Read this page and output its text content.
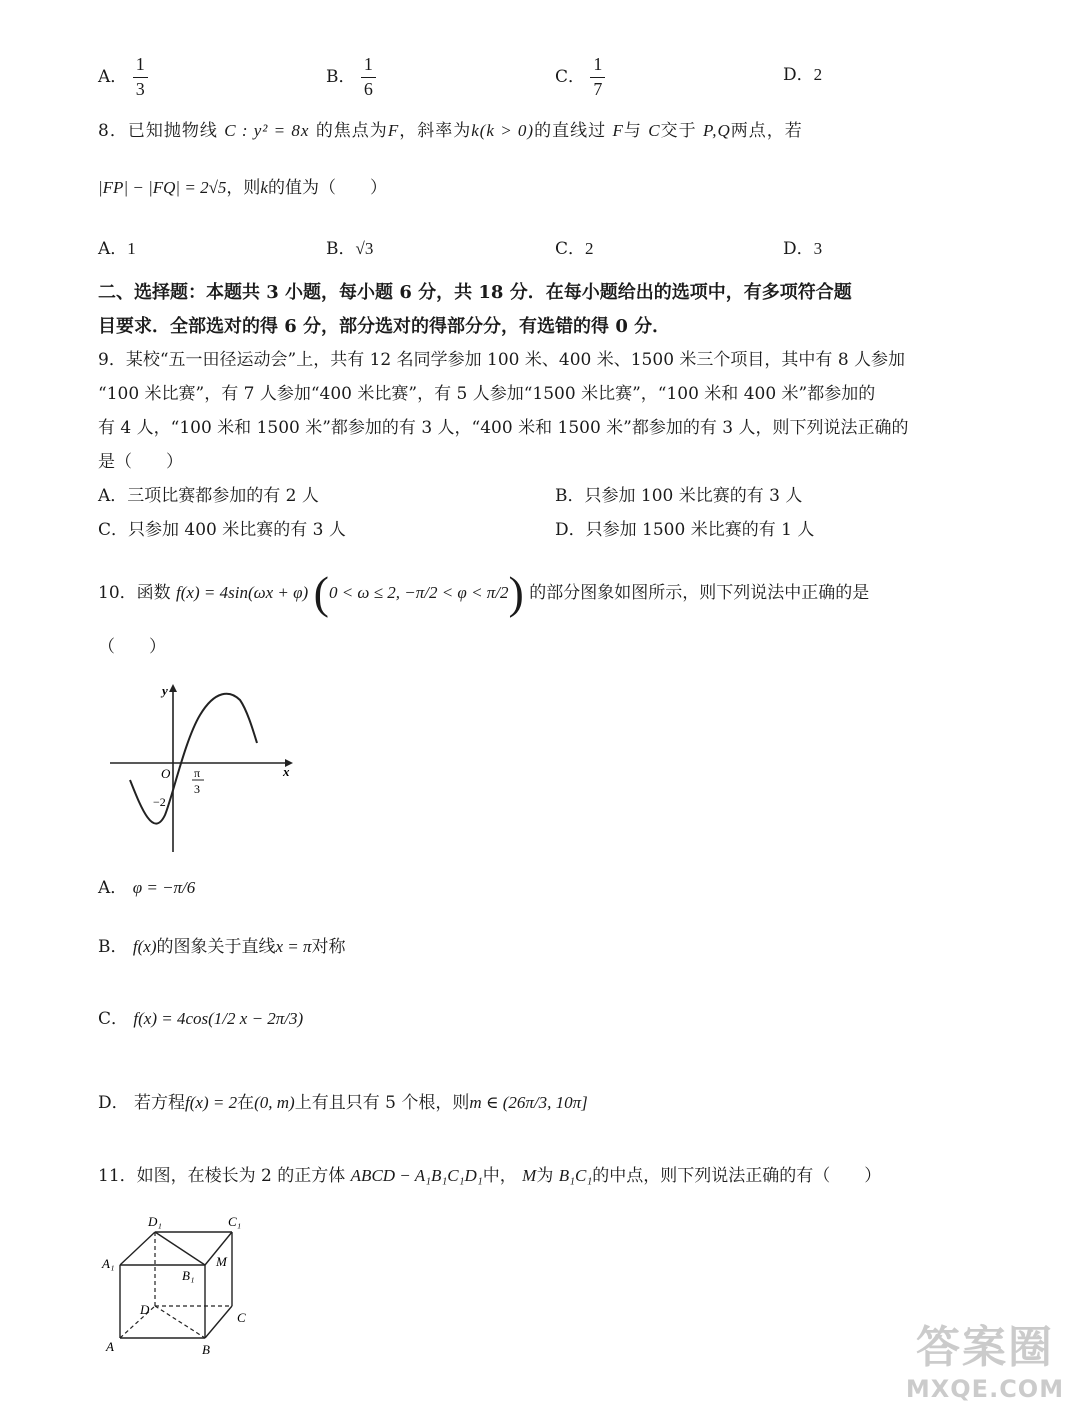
A． $\frac{1}{3}$	B． $\frac{1}{6}$	C． $\frac{1}{7}$	D．2
8．已知抛物线 C : y² = 8x 的焦点为F，斜率为k(k > 0)的直线过 F与 C交于 P,Q两点，若
|FP| − |FQ| = 2√5，则k的值为（　　）
A．1	B．√3	C．2	D．3
二、选择题：本题共 3 小题，每小题 6 分，共 18 分．在每小题给出的选项中，有多项符合题
目要求．全部选对的得 6 分，部分选对的得部分分，有选错的得 0 分．
9．某校“五一田径运动会”上，共有 12 名同学参加 100 米、400 米、1500 米三个项目，其中有 8 人参加
“100 米比赛”，有 7 人参加“400 米比赛”，有 5 人参加“1500 米比赛”，“100 米和 400 米”都参加的
有 4 人，“100 米和 1500 米”都参加的有 3 人，“400 米和 1500 米”都参加的有 3 人，则下列说法正确的
是（　　）
A．三项比赛都参加的有 2 人	B．只参加 100 米比赛的有 3 人
C．只参加 400 米比赛的有 3 人	D．只参加 1500 米比赛的有 1 人
10．函数 f(x) = 4sin(ωx + φ) (0 < ω ≤ 2, −π/2 < φ < π/2) 的部分图象如图所示，则下列说法中正确的是
（　　）
y
x
O π
3
−2
A． φ = −π/6
B． f(x)的图象关于直线x = π对称
C． f(x) = 4cos(1/2 x − 2π/3)
D． 若方程f(x) = 2在(0, m)上有且只有 5 个根，则m ∈ (26π/3, 10π]
11．如图，在棱长为 2 的正方体 ABCD − A₁B₁C₁D₁中， M为 B₁C₁的中点，则下列说法正确的有（　　）
D₁	C₁
A₁
B₁
M
D
C
A	B	答案圈
MXQE.COM
